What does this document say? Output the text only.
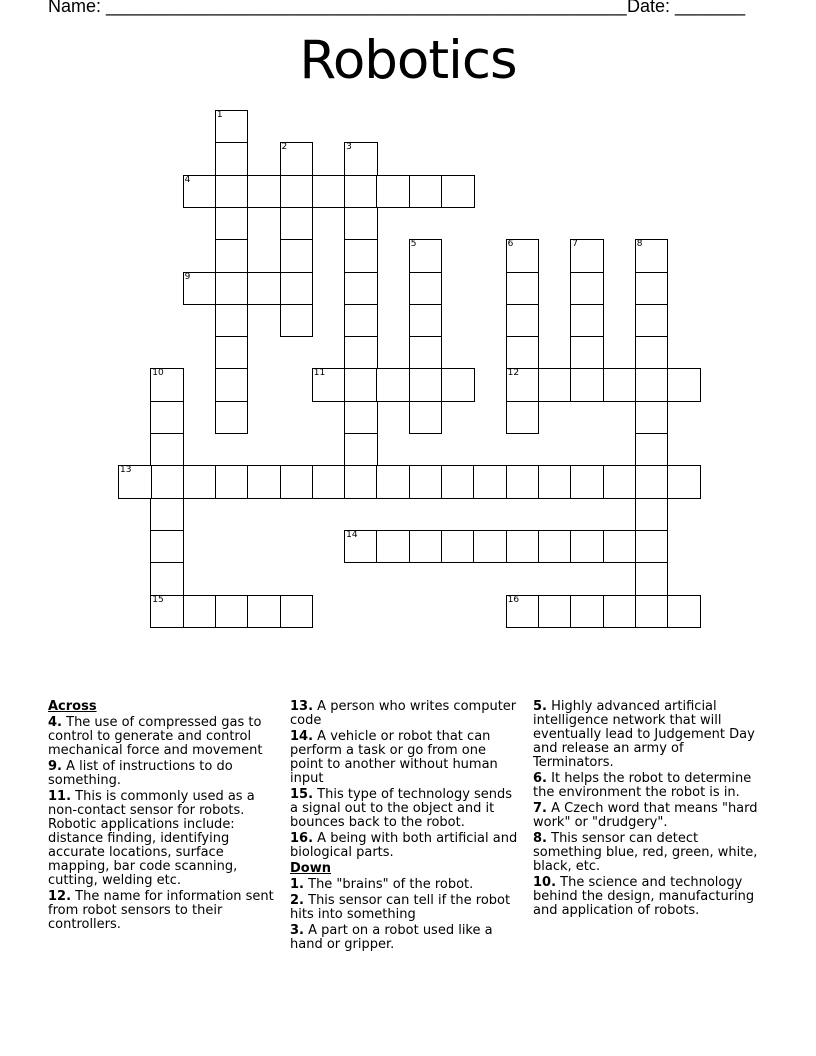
Name: ____________________________________________________ Date: _______
Robotics
1
2	3
4
5	6
12
7	8
9
10
15
11
13
14
16
Across
4. The use of compressed gas to control to generate and control mechanical force and movement
9. A list of instructions to do something.
11. This is commonly used as a non-contact sensor for robots. Robotic applications include: distance finding, identifying accurate locations, surface mapping, bar code scanning, cutting, welding etc.
12. The name for information sent from robot sensors to their controllers.
13. A person who writes computer code
14. A vehicle or robot that can perform a task or go from one point to another without human input
15. This type of technology sends a signal out to the object and it bounces back to the robot.
16. A being with both artificial and biological parts.
Down
1. The "brains" of the robot.
2. This sensor can tell if the robot hits into something
3. A part on a robot used like a hand or gripper.
5. Highly advanced artificial intelligence network that will eventually lead to Judgement Day and release an army of Terminators.
6. It helps the robot to determine the environment the robot is in.
7. A Czech word that means "hard work" or "drudgery".
8. This sensor can detect something blue, red, green, white, black, etc.
10. The science and technology behind the design, manufacturing and application of robots.
